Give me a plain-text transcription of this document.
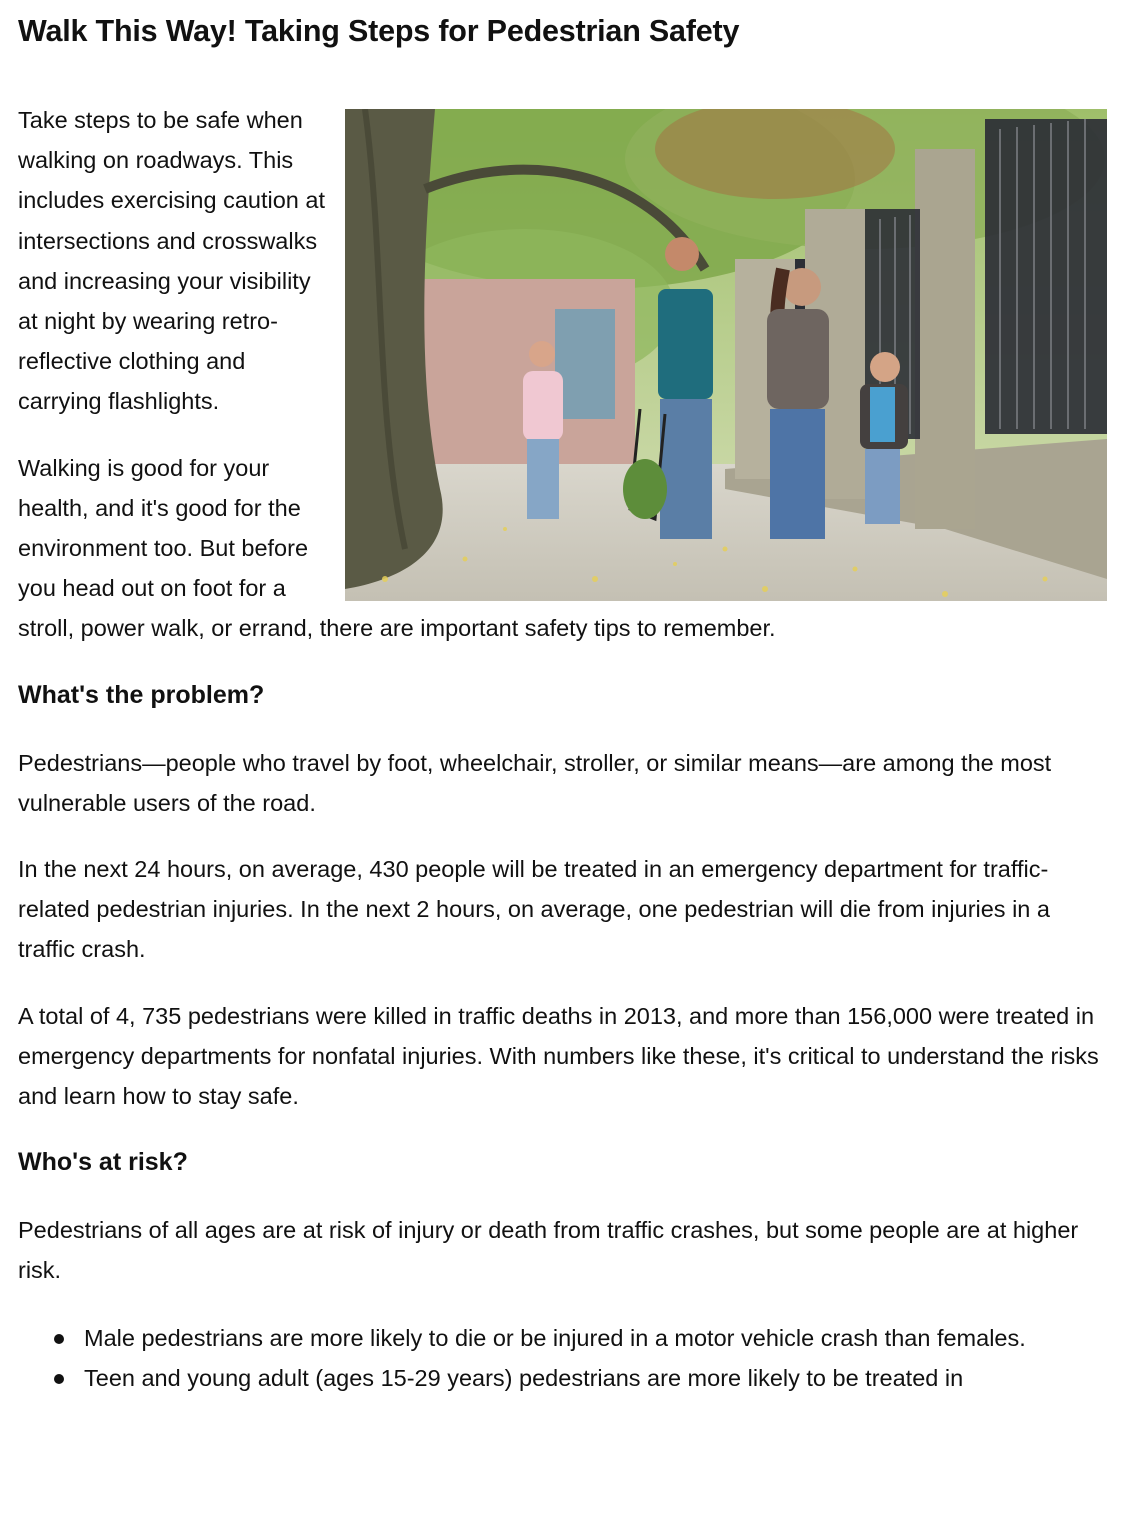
Walk This Way! Taking Steps for Pedestrian Safety

Take steps to be safe when walking on roadways. This includes exercising caution at intersections and crosswalks and increasing your visibility at night by wearing retro-reflective clothing and carrying flashlights.

Walking is good for your health, and it's good for the environment too. But before you head out on foot for a stroll, power walk, or errand, there are important safety tips to remember.

What's the problem?

Pedestrians—people who travel by foot, wheelchair, stroller, or similar means—are among the most vulnerable users of the road.

In the next 24 hours, on average, 430 people will be treated in an emergency department for traffic-related pedestrian injuries. In the next 2 hours, on average, one pedestrian will die from injuries in a traffic crash.

A total of 4, 735 pedestrians were killed in traffic deaths in 2013, and more than 156,000 were treated in emergency departments for nonfatal injuries. With numbers like these, it's critical to understand the risks and learn how to stay safe.

Who's at risk?

Pedestrians of all ages are at risk of injury or death from traffic crashes, but some people are at higher risk.

Male pedestrians are more likely to die or be injured in a motor vehicle crash than females.
Teen and young adult (ages 15-29 years) pedestrians are more likely to be treated in
